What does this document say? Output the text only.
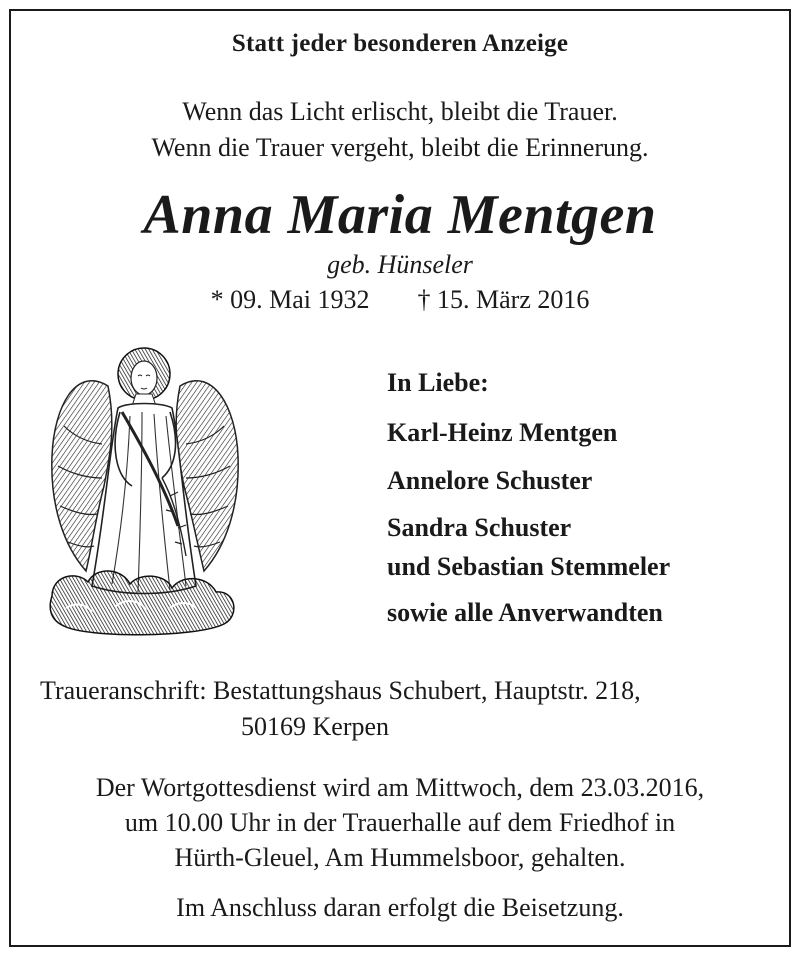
Statt jeder besonderen Anzeige
Wenn das Licht erlischt, bleibt die Trauer.
Wenn die Trauer vergeht, bleibt die Erinnerung.
Anna Maria Mentgen
geb. Hünseler
* 09. Mai 1932 † 15. März 2016
In Liebe:
Karl-Heinz Mentgen
Annelore Schuster
Sandra Schuster
und Sebastian Stemmeler
sowie alle Anverwandten
Traueranschrift: Bestattungshaus Schubert, Hauptstr. 218,
50169 Kerpen
Der Wortgottesdienst wird am Mittwoch, dem 23.03.2016,
um 10.00 Uhr in der Trauerhalle auf dem Friedhof in
Hürth-Gleuel, Am Hummelsboor, gehalten.
Im Anschluss daran erfolgt die Beisetzung.
